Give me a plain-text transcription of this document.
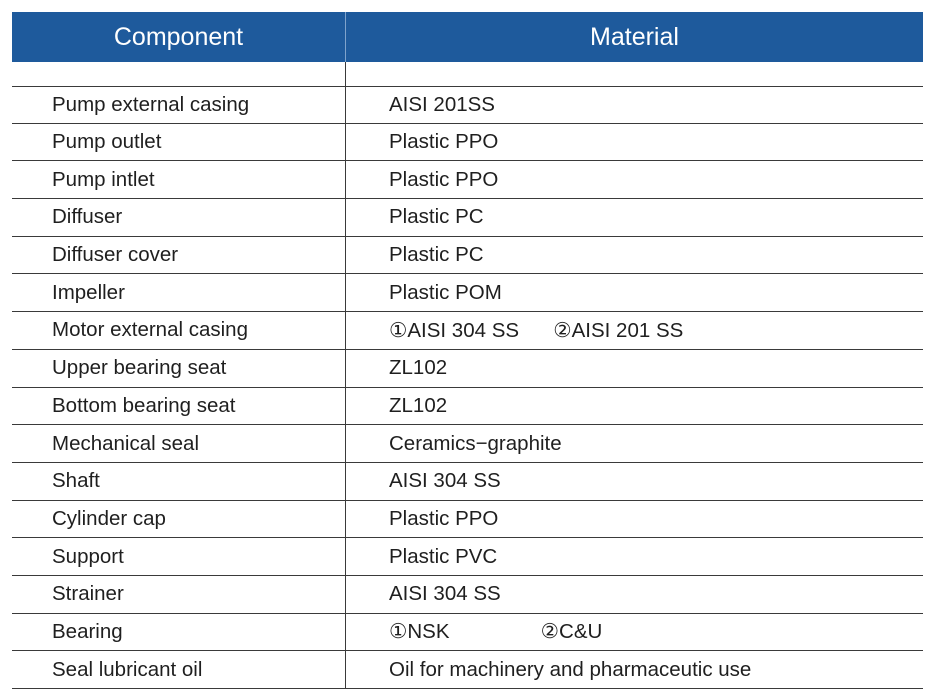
Component	Material
Pump external casing	AISI 201SS
Pump outlet	Plastic PPO
Pump intlet	Plastic PPO
Diffuser	Plastic PC
Diffuser cover	Plastic PC
Impeller	Plastic POM
Motor external casing	①AISI 304 SS      ②AISI 201 SS
Upper bearing seat	ZL102
Bottom bearing seat	ZL102
Mechanical seal	Ceramics−graphite
Shaft	AISI 304 SS
Cylinder cap	Plastic PPO
Support	Plastic PVC
Strainer	AISI 304 SS
Bearing	①NSK                ②C&U
Seal lubricant oil	Oil for machinery and pharmaceutic use
